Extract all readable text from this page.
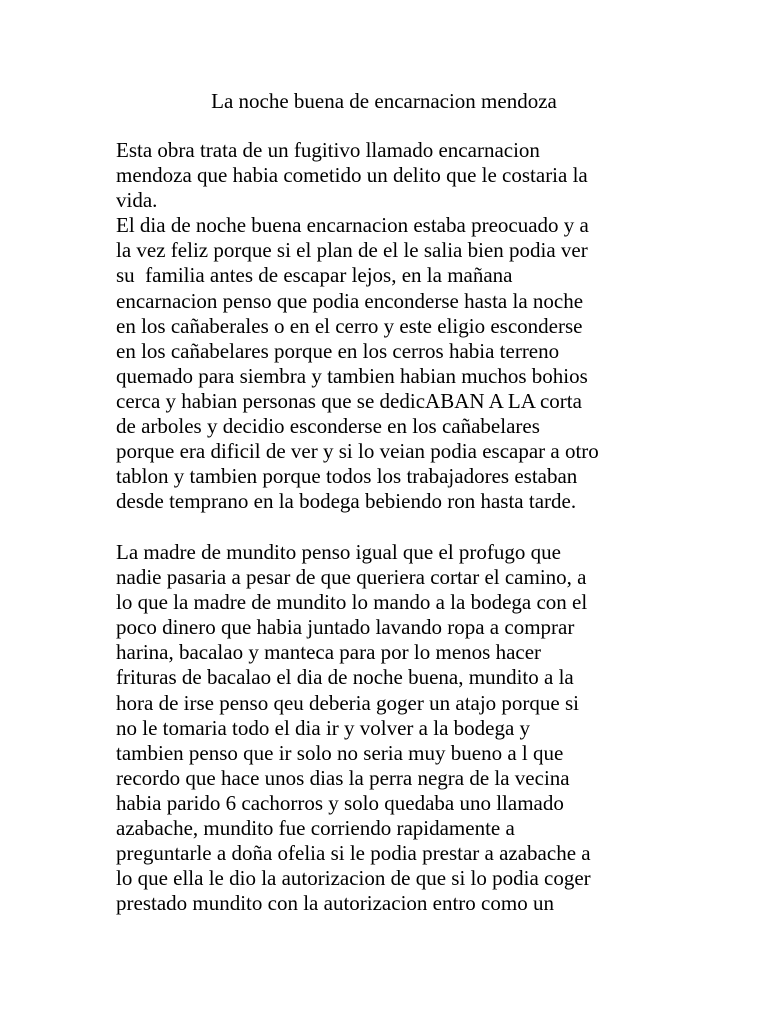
La noche buena de encarnacion mendoza

Esta obra trata de un fugitivo llamado encarnacion
mendoza que habia cometido un delito que le costaria la
vida.
El dia de noche buena encarnacion estaba preocuado y a
la vez feliz porque si el plan de el le salia bien podia ver
su  familia antes de escapar lejos, en la mañana
encarnacion penso que podia enconderse hasta la noche
en los cañaberales o en el cerro y este eligio esconderse
en los cañabelares porque en los cerros habia terreno
quemado para siembra y tambien habian muchos bohios
cerca y habian personas que se dedicABAN A LA corta
de arboles y decidio esconderse en los cañabelares
porque era dificil de ver y si lo veian podia escapar a otro
tablon y tambien porque todos los trabajadores estaban
desde temprano en la bodega bebiendo ron hasta tarde.

La madre de mundito penso igual que el profugo que
nadie pasaria a pesar de que queriera cortar el camino, a
lo que la madre de mundito lo mando a la bodega con el
poco dinero que habia juntado lavando ropa a comprar
harina, bacalao y manteca para por lo menos hacer
frituras de bacalao el dia de noche buena, mundito a la
hora de irse penso qeu deberia goger un atajo porque si
no le tomaria todo el dia ir y volver a la bodega y
tambien penso que ir solo no seria muy bueno a l que
recordo que hace unos dias la perra negra de la vecina
habia parido 6 cachorros y solo quedaba uno llamado
azabache, mundito fue corriendo rapidamente a
preguntarle a doña ofelia si le podia prestar a azabache a
lo que ella le dio la autorizacion de que si lo podia coger
prestado mundito con la autorizacion entro como un
